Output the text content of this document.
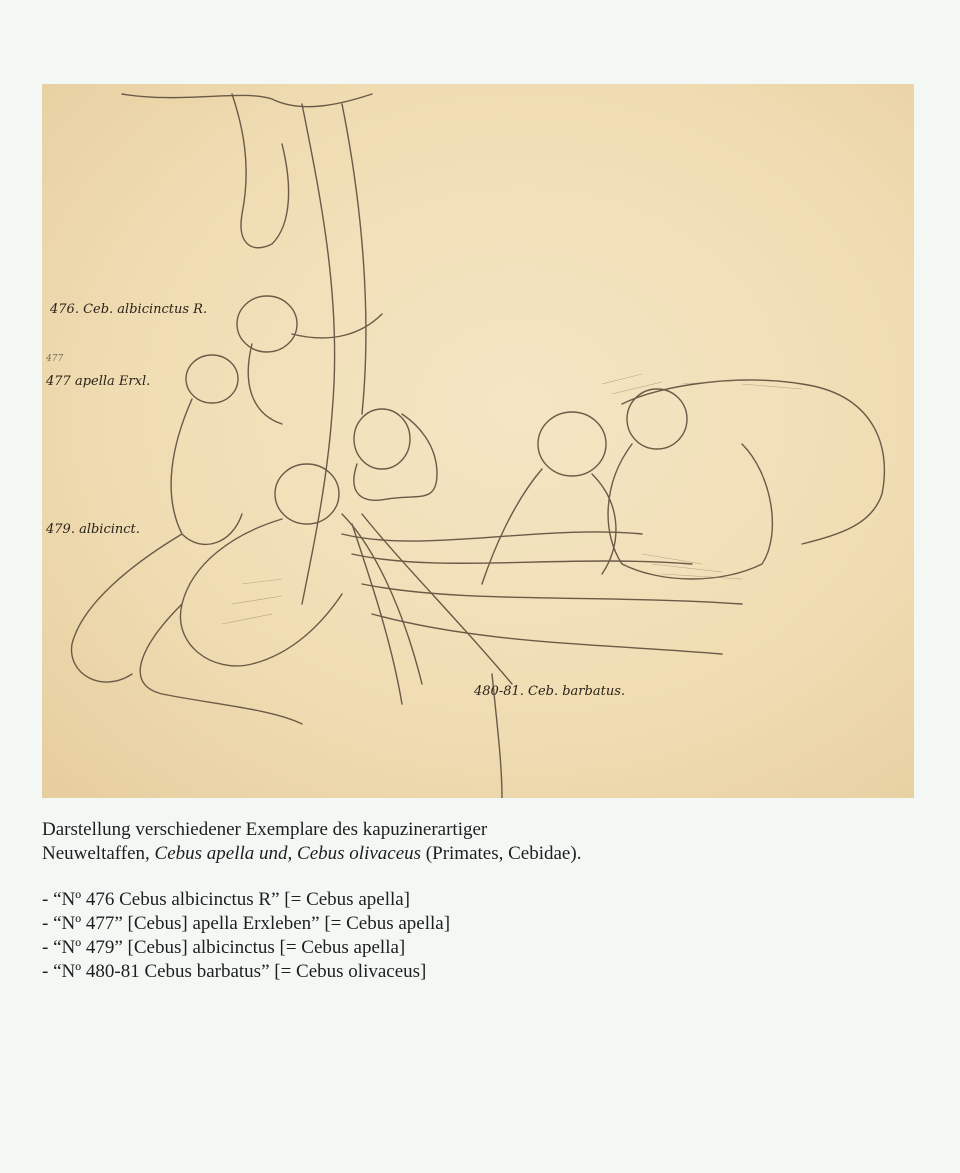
476. Ceb. albicinctus R.
477
477 apella Erxl.
479. albicinct.
480-81. Ceb. barbatus.

Darstellung verschiedener Exemplare des kapuzinerartiger

Neuweltaffen, Cebus apella und, Cebus olivaceus (Primates, Cebidae).

- “Nº 476 Cebus albicinctus R” [= Cebus apella]
- “Nº 477” [Cebus] apella Erxleben” [= Cebus apella]
- “Nº 479” [Cebus] albicinctus [= Cebus apella]
- “Nº 480-81 Cebus barbatus” [= Cebus olivaceus]
